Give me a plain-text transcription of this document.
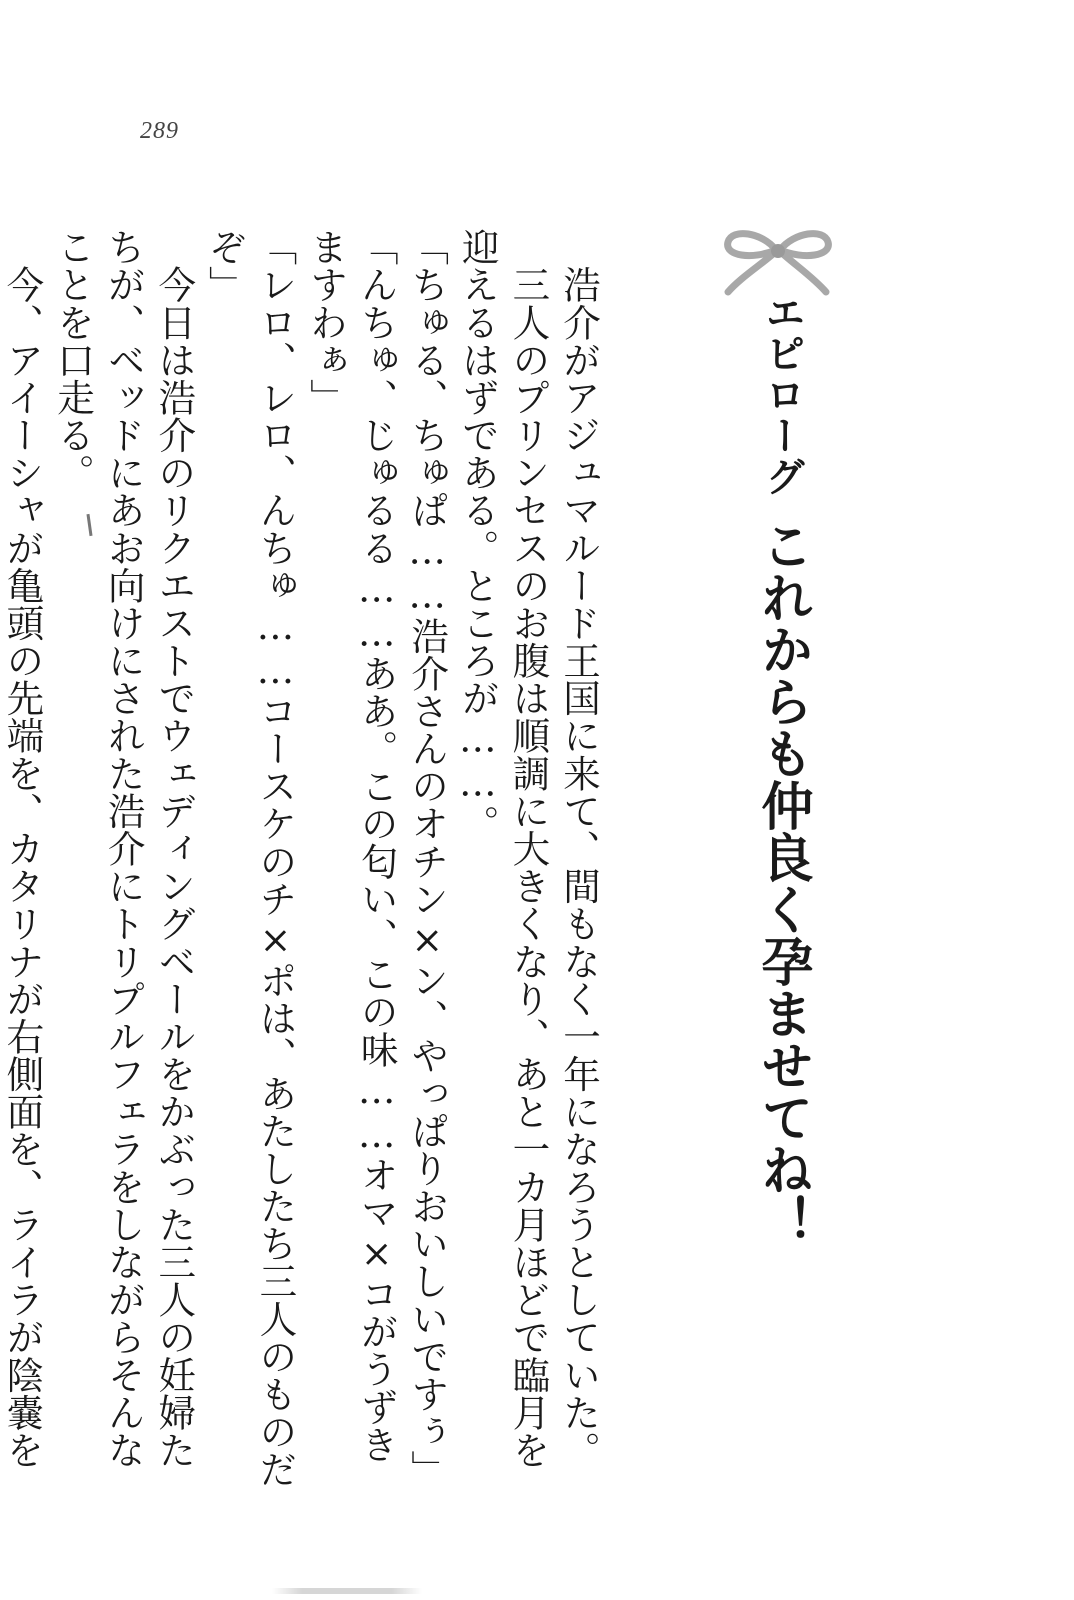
289
エピローグこれからも仲良く孕ませてね！

　浩介がアジュマルード王国に来て、間もなく一年になろうとしていた。

　三人のプリンセスのお腹は順調に大きくなり、あと一カ月ほどで臨月を迎えるはずである。ところが……。

「ちゅる、ちゅぱ……浩介さんのオチン×ン、やっぱりおいしいですぅ」

「んちゅ、じゅるる……ああ。この匂い、この味……オマ×コがうずきますわぁ」

「レロ、レロ、んちゅ……コースケのチ×ポは、あたしたち三人のものだぞ」

　今日は浩介のリクエストでウェディングベールをかぶった三人の妊婦たちが、ベッドにあお向けにされた浩介にトリプルフェラをしながらそんなことを口走る。

　今、アイーシャが亀頭の先端を、カタリナが右側面を、ライラが陰嚢を
